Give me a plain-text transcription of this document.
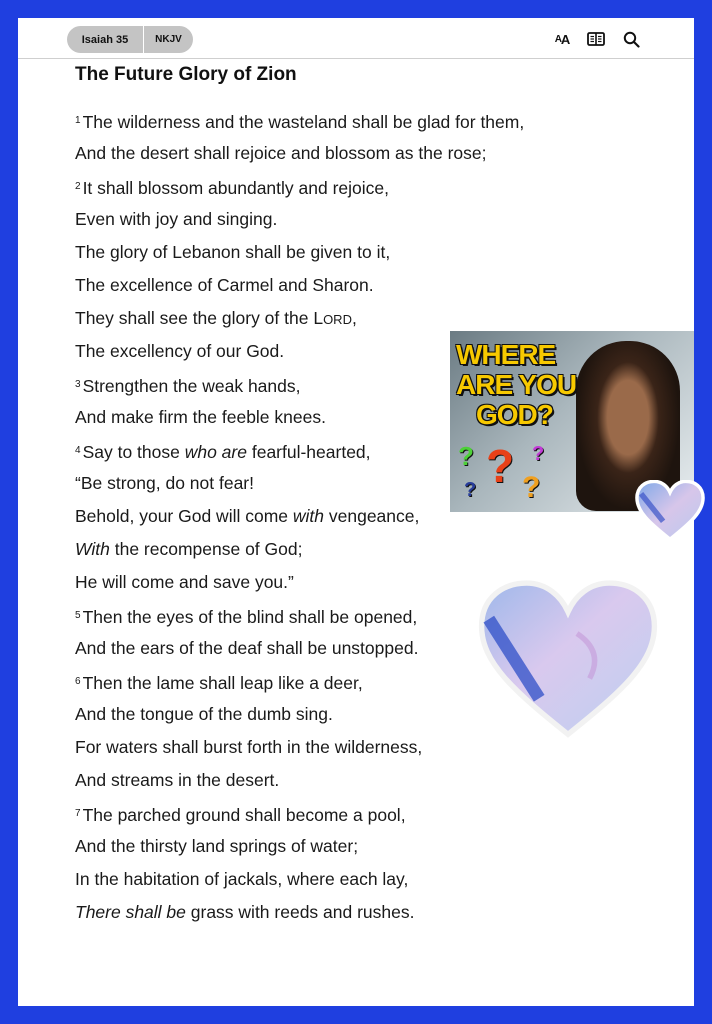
Isaiah 35	NKJV	A A
The Future Glory of Zion
$^1$ The wilderness and the wasteland shall be glad for them,
And the desert shall rejoice and blossom as the rose;
$^2$ It shall blossom abundantly and rejoice,
Even with joy and singing.
The glory of Lebanon shall be given to it,
The excellence of Carmel and Sharon.
They shall see the glory of the LORD,
The excellency of our God.
$^3$ Strengthen the weak hands,
And make firm the feeble knees.
$^4$ Say to those who are fearful-hearted,
“Be strong, do not fear!
Behold, your God will come with vengeance,
With the recompense of God;
He will come and save you.”
$^5$ Then the eyes of the blind shall be opened,
And the ears of the deaf shall be unstopped.
$^6$ Then the lame shall leap like a deer,
And the tongue of the dumb sing.
For waters shall burst forth in the wilderness,
And streams in the desert.
$^7$ The parched ground shall become a pool,
And the thirsty land springs of water;
In the habitation of jackals, where each lay,
There shall be grass with reeds and rushes.
WHERE
ARE YOU
GOD?
? ? ?
? ?
